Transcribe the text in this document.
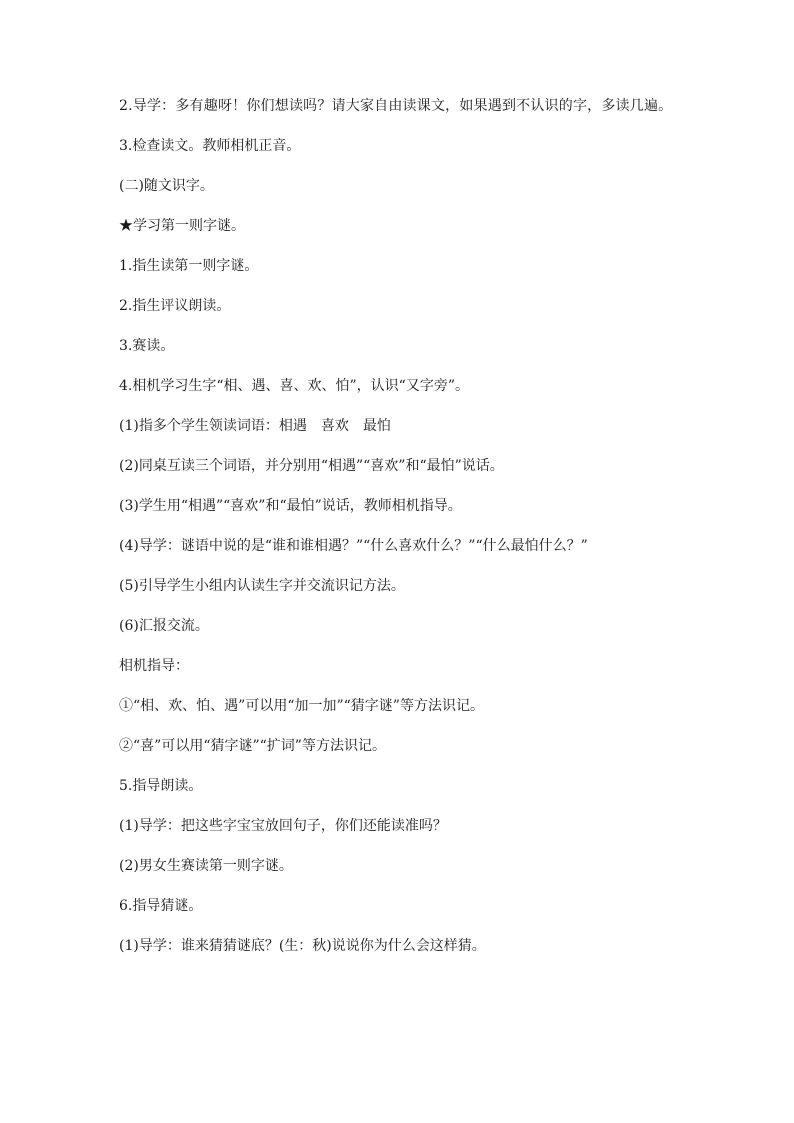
2.导学：多有趣呀！你们想读吗？请大家自由读课文，如果遇到不认识的字，多读几遍。

3.检查读文。教师相机正音。

(二)随文识字。

★学习第一则字谜。

1.指生读第一则字谜。

2.指生评议朗读。

3.赛读。

4.相机学习生字“相、遇、喜、欢、怕”，认识“又字旁”。

(1)指多个学生领读词语：相遇　喜欢　最怕

(2)同桌互读三个词语，并分别用“相遇”“喜欢”和“最怕”说话。

(3)学生用“相遇”“喜欢”和“最怕”说话，教师相机指导。

(4)导学：谜语中说的是“谁和谁相遇？”“什么喜欢什么？”“什么最怕什么？”

(5)引导学生小组内认读生字并交流识记方法。

(6)汇报交流。

相机指导：

①“相、欢、怕、遇”可以用“加一加”“猜字谜”等方法识记。

②“喜”可以用“猜字谜”“扩词”等方法识记。

5.指导朗读。

(1)导学：把这些字宝宝放回句子，你们还能读准吗？

(2)男女生赛读第一则字谜。

6.指导猜谜。

(1)导学：谁来猜猜谜底？(生：秋)说说你为什么会这样猜。
